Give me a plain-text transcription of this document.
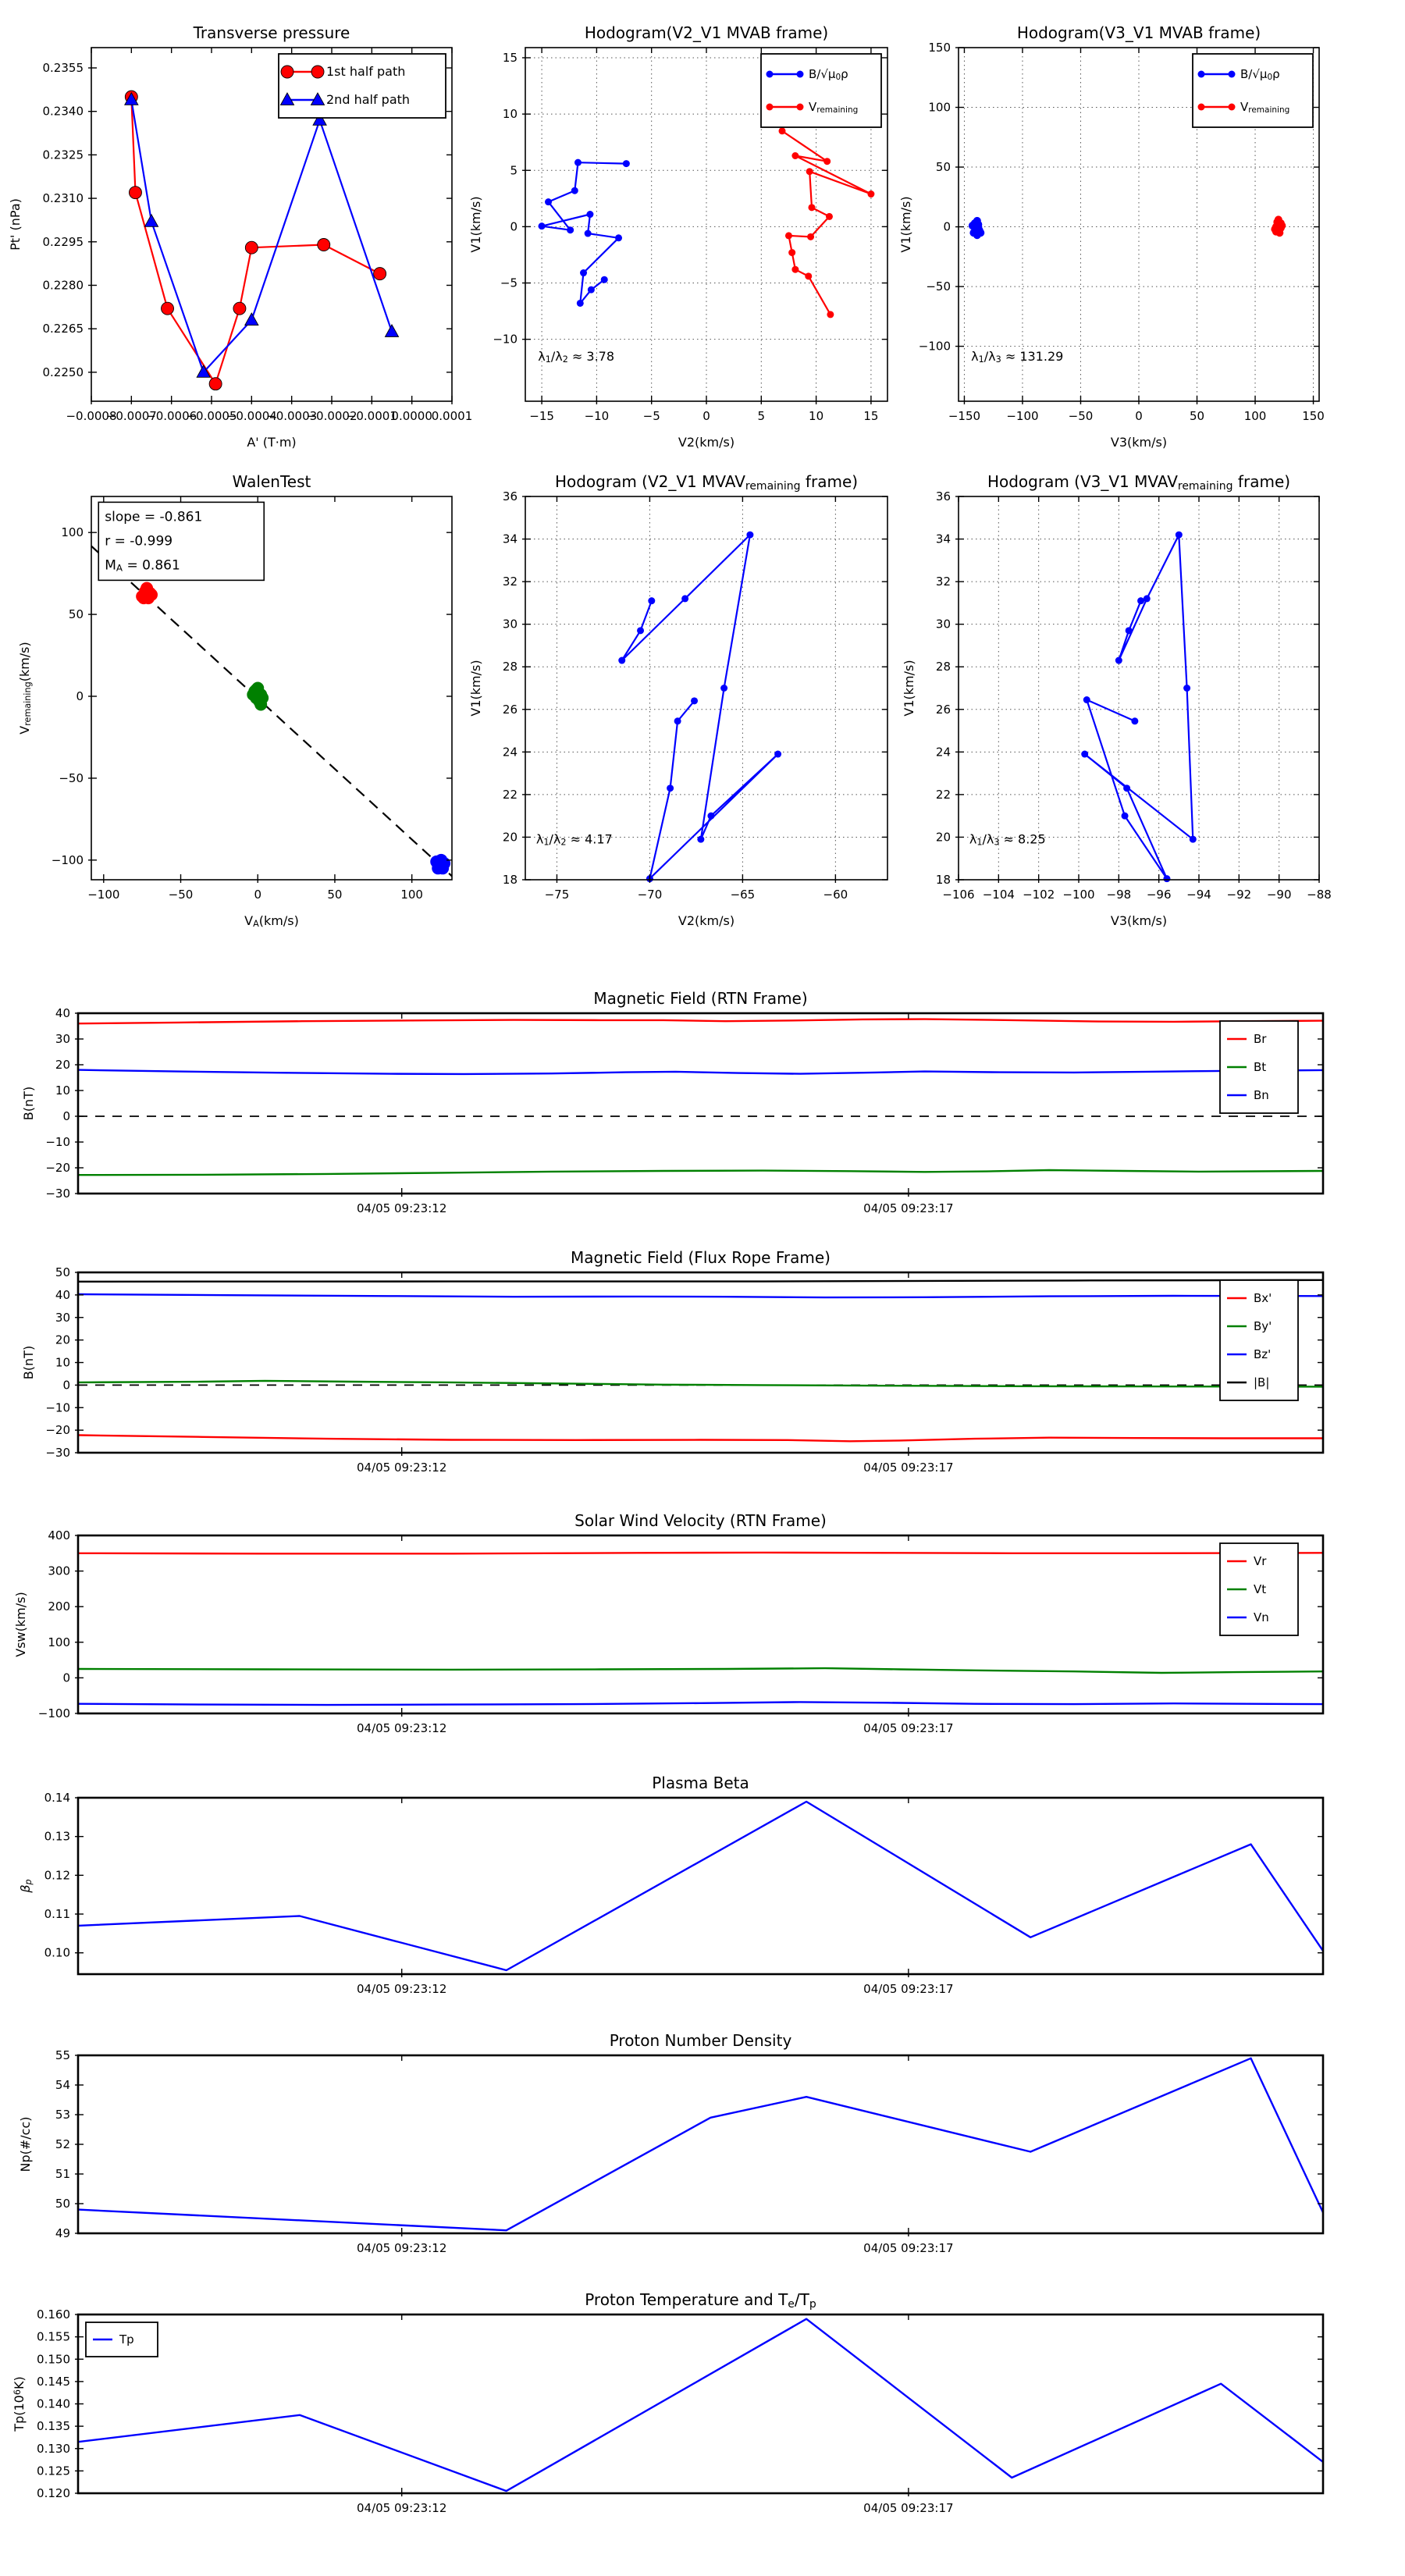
−0.0008
−0.0007
−0.0006
−0.0005
−0.0004
−0.0003
−0.0002
−0.0001
0.0000
0.0001
0.2250
0.2265
0.2280
0.2295
0.2310
0.2325
0.2340
0.2355
Transverse pressure
A' (T·m)
Pt' (nPa)
1st half path
2nd half path
−15	−10	−5	0	5	10	15
−10
−5
0
5
10
15
Hodogram(V2_V1 MVAB frame)
V2(km/s)
V1(km/s)
λ1/λ2 ≈ 3.78
B/√μ0ρ
Vremaining
−150 −100	−50	0	50	100	150
−100
−50
0
50
100
150
Hodogram(V3_V1 MVAB frame)
V3(km/s)
V1(km/s)
λ1/λ3 ≈ 131.29
B/√μ0ρ
Vremaining
−100	−50	0	50	100
−100
−50
0
50
100
WalenTest
VA(km/s)
Vremaining(km/s)
slope = -0.861
r = -0.999
MA = 0.861
−75	−70	−65	−60
18
20
22
24
26
28
30
32
34
36
Hodogram (V2_V1 MVAVremaining frame)
V2(km/s)
V1(km/s)
λ1/λ2 ≈ 4.17
−106 −104 −102 −100 −98 −96 −94 −92 −90 −88
18
20
22
24
26
28
30
32
34
36
Hodogram (V3_V1 MVAVremaining frame)
V3(km/s)
V1(km/s)
λ1/λ3 ≈ 8.25
04/05 09:23:12	04/05 09:23:17
−30
−20
−10
0
10
20
30
40
Magnetic Field (RTN Frame)
B(nT)
Br
Bt
Bn
04/05 09:23:12	04/05 09:23:17
−30
−20
−10
0
10
20
30
40
50
Magnetic Field (Flux Rope Frame)
B(nT)
Bx'
By'
Bz'
|B|
04/05 09:23:12	04/05 09:23:17
−100
0
100
200
300
400
Solar Wind Velocity (RTN Frame)
Vsw(km/s)
Vr
Vt
Vn
04/05 09:23:12	04/05 09:23:17
0.10
0.11
0.12
0.13
0.14
Plasma Beta
βp
04/05 09:23:12	04/05 09:23:17
49
50
51
52
53
54
55
Proton Number Density
Np(#/cc)
04/05 09:23:12	04/05 09:23:17
0.120
0.125
0.130
0.135
0.140
0.145
0.150
0.155
0.160
Proton Temperature and Te/Tp
Tp(106K)
Tp
